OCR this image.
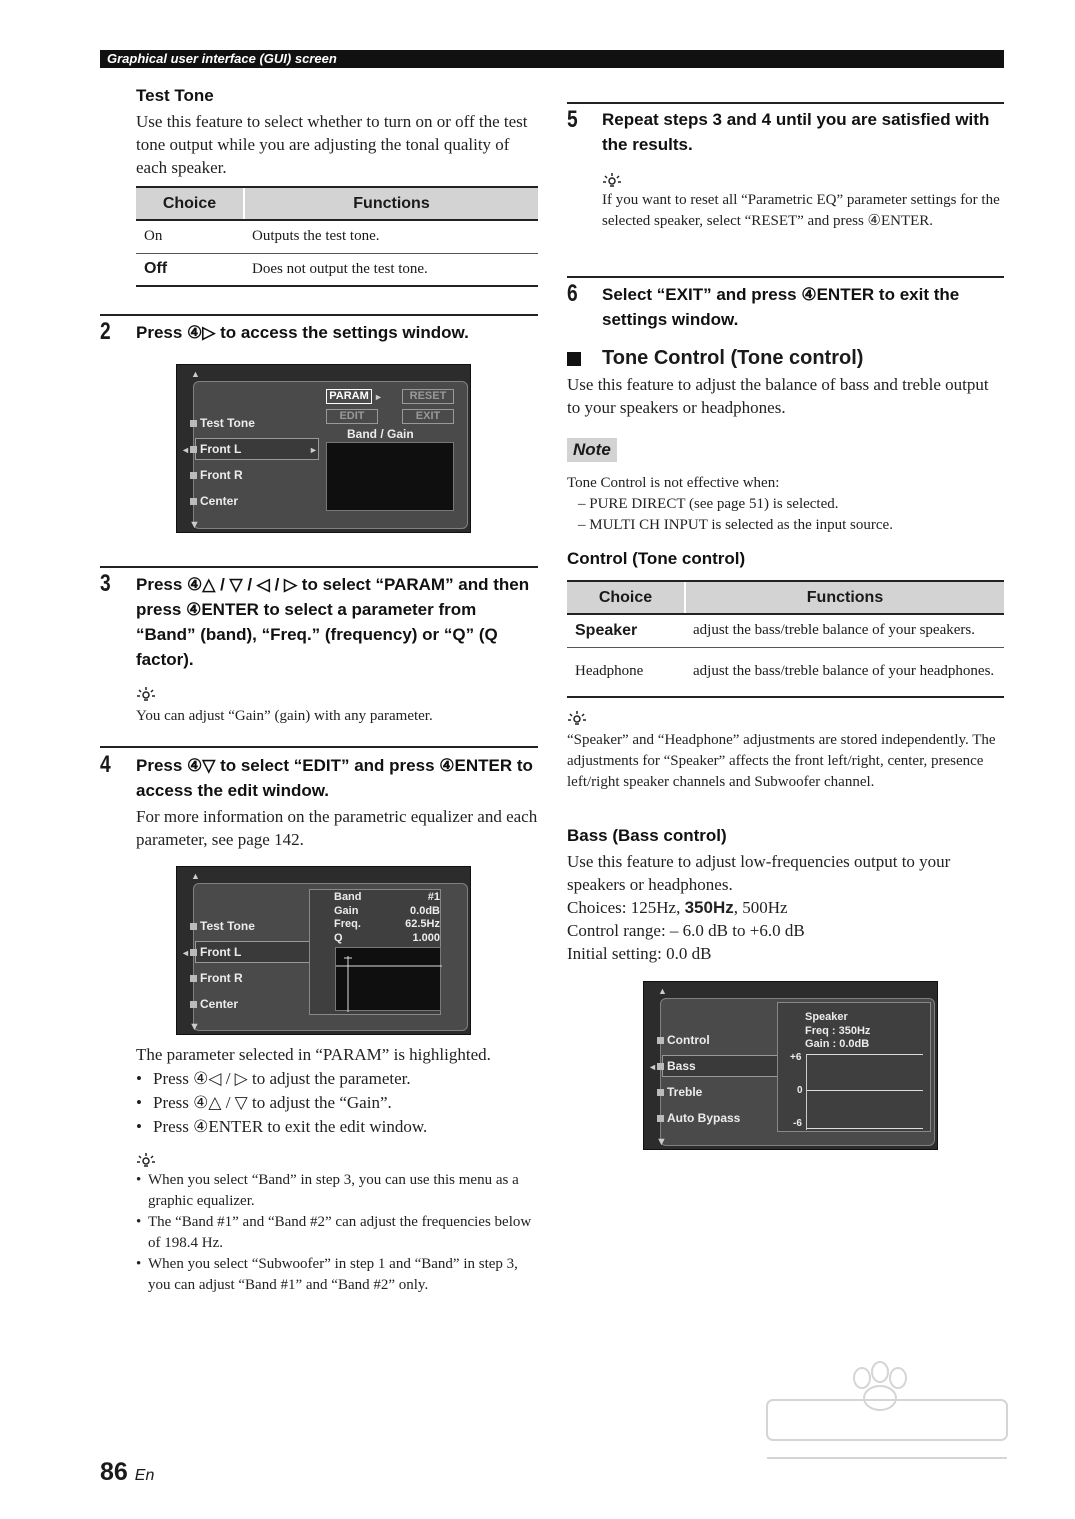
Graphical user interface (GUI) screen
Test Tone
Use this feature to select whether to turn on or off the test tone output while you are adjusting the tonal quality of each speaker.
Choice	Functions
On	Outputs the test tone.
Off	Does not output the test tone.
2 Press ④▷ to access the settings window.
▲
◄	►
Test Tone
Front L
Front R
Center
▼
PARAM ►	RESET
EDIT	EXIT
Band / Gain
3 Press ④△ / ▽ / ◁ / ▷ to select “PARAM” and then press ④ENTER to select a parameter from “Band” (band), “Freq.” (frequency) or “Q” (Q factor).
You can adjust “Gain” (gain) with any parameter.
4 Press ④▽ to select “EDIT” and press ④ENTER to access the edit window.
For more information on the parametric equalizer and each parameter, see page 142.
▲
◄
Test Tone
Front L
Front R
Center
▼
Band	#1
Gain	0.0dB
Freq.	62.5Hz
Q	1.000
The parameter selected in “PARAM” is highlighted.
• Press ④◁ / ▷ to adjust the parameter.
• Press ④△ / ▽ to adjust the “Gain”.
• Press ④ENTER to exit the edit window.
• When you select “Band” in step 3, you can use this menu as a graphic equalizer.
• The “Band #1” and “Band #2” can adjust the frequencies below of 198.4 Hz.
• When you select “Subwoofer” in step 1 and “Band” in step 3, you can adjust “Band #1” and “Band #2” only.
5 Repeat steps 3 and 4 until you are satisfied with the results.
If you want to reset all “Parametric EQ” parameter settings for the selected speaker, select “RESET” and press ④ENTER.
6 Select “EXIT” and press ④ENTER to exit the settings window.
Tone Control (Tone control)
Use this feature to adjust the balance of bass and treble output to your speakers or headphones.
Note
Tone Control is not effective when:
– PURE DIRECT (see page 51) is selected.
– MULTI CH INPUT is selected as the input source.
Control (Tone control)
Choice	Functions
Speaker	adjust the bass/treble balance of your speakers.
Headphone	adjust the bass/treble balance of your headphones.
“Speaker” and “Headphone” adjustments are stored independently. The adjustments for “Speaker” affects the front left/right, center, presence left/right speaker channels and Subwoofer channel.
Bass (Bass control)
Use this feature to adjust low-frequencies output to your speakers or headphones.
Choices: 125Hz, 350Hz, 500Hz
Control range: – 6.0 dB to +6.0 dB
Initial setting: 0.0 dB
▲
◄
Control
Bass
Treble
Auto Bypass
▼
Speaker
Freq : 350Hz
Gain : 0.0dB
+6
0
-6
86 En
